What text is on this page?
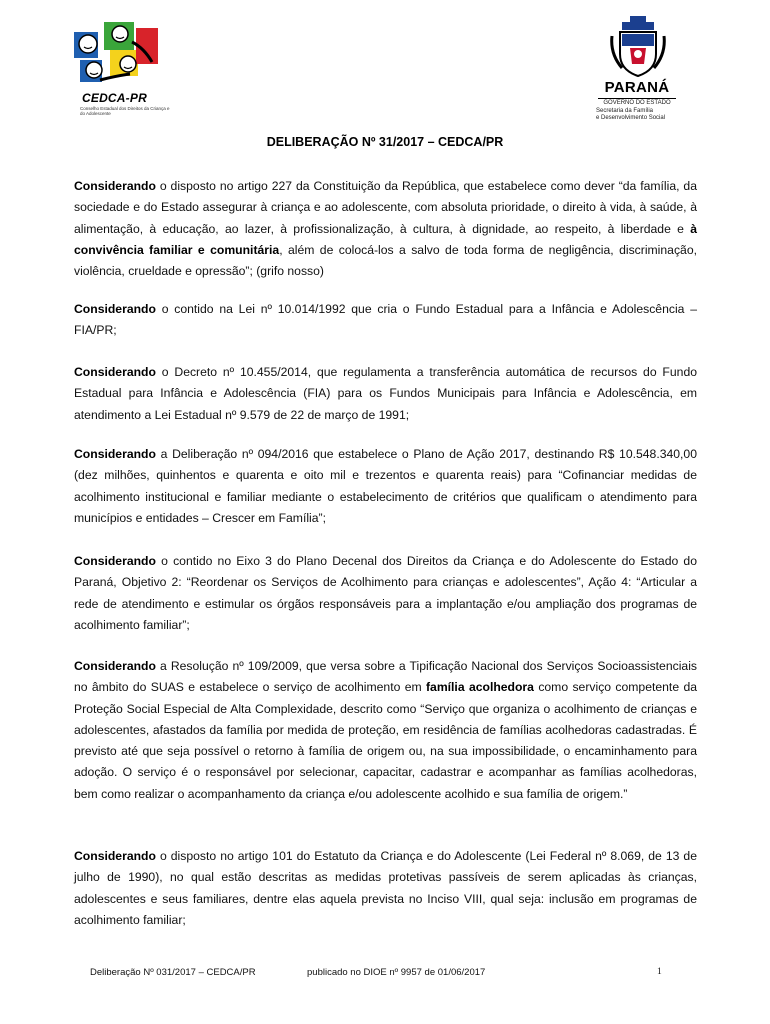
CEDCA-PR
Conselho Estadual dos Direitos da Criança e do Adolescente
PARANÁ
GOVERNO DO ESTADO
Secretaria da Família
e Desenvolvimento Social
DELIBERAÇÃO Nº 31/2017 – CEDCA/PR

Considerando o disposto no artigo 227 da Constituição da República, que estabelece como dever “da família, da sociedade e do Estado assegurar à criança e ao adolescente, com absoluta prioridade, o direito à vida, à saúde, à alimentação, à educação, ao lazer, à profissionalização, à cultura, à dignidade, ao respeito, à liberdade e à convivência familiar e comunitária, além de colocá-los a salvo de toda forma de negligência, discriminação, violência, crueldade e opressão”; (grifo nosso)

Considerando o contido na Lei nº 10.014/1992 que cria o Fundo Estadual para a Infância e Adolescência – FIA/PR;

Considerando o Decreto nº 10.455/2014, que regulamenta a transferência automática de recursos do Fundo Estadual para Infância e Adolescência (FIA) para os Fundos Municipais para Infância e Adolescência, em atendimento a Lei Estadual nº 9.579 de 22 de março de 1991;

Considerando a Deliberação nº 094/2016 que estabelece o Plano de Ação 2017, destinando R$ 10.548.340,00 (dez milhões, quinhentos e quarenta e oito mil e trezentos e quarenta reais) para “Cofinanciar medidas de acolhimento institucional e familiar mediante o estabelecimento de critérios que qualificam o atendimento para municípios e entidades – Crescer em Família”;

Considerando o contido no Eixo 3 do Plano Decenal dos Direitos da Criança e do Adolescente do Estado do Paraná, Objetivo 2: “Reordenar os Serviços de Acolhimento para crianças e adolescentes”, Ação 4: “Articular a rede de atendimento e estimular os órgãos responsáveis para a implantação e/ou ampliação dos programas de acolhimento familiar”;

Considerando a Resolução nº 109/2009, que versa sobre a Tipificação Nacional dos Serviços Socioassistenciais no âmbito do SUAS e estabelece o serviço de acolhimento em família acolhedora como serviço competente da Proteção Social Especial de Alta Complexidade, descrito como “Serviço que organiza o acolhimento de crianças e adolescentes, afastados da família por medida de proteção, em residência de famílias acolhedoras cadastradas. É previsto até que seja possível o retorno à família de origem ou, na sua impossibilidade, o encaminhamento para adoção. O serviço é o responsável por selecionar, capacitar, cadastrar e acompanhar as famílias acolhedoras, bem como realizar o acompanhamento da criança e/ou adolescente acolhido e sua família de origem.”

Considerando o disposto no artigo 101 do Estatuto da Criança e do Adolescente (Lei Federal nº 8.069, de 13 de julho de 1990), no qual estão descritas as medidas protetivas passíveis de serem aplicadas às crianças, adolescentes e seus familiares, dentre elas aquela prevista no Inciso VIII, qual seja: inclusão em programas de acolhimento familiar;

Deliberação Nº 031/2017 – CEDCA/PR	publicado no DIOE nº 9957 de 01/06/2017	1
